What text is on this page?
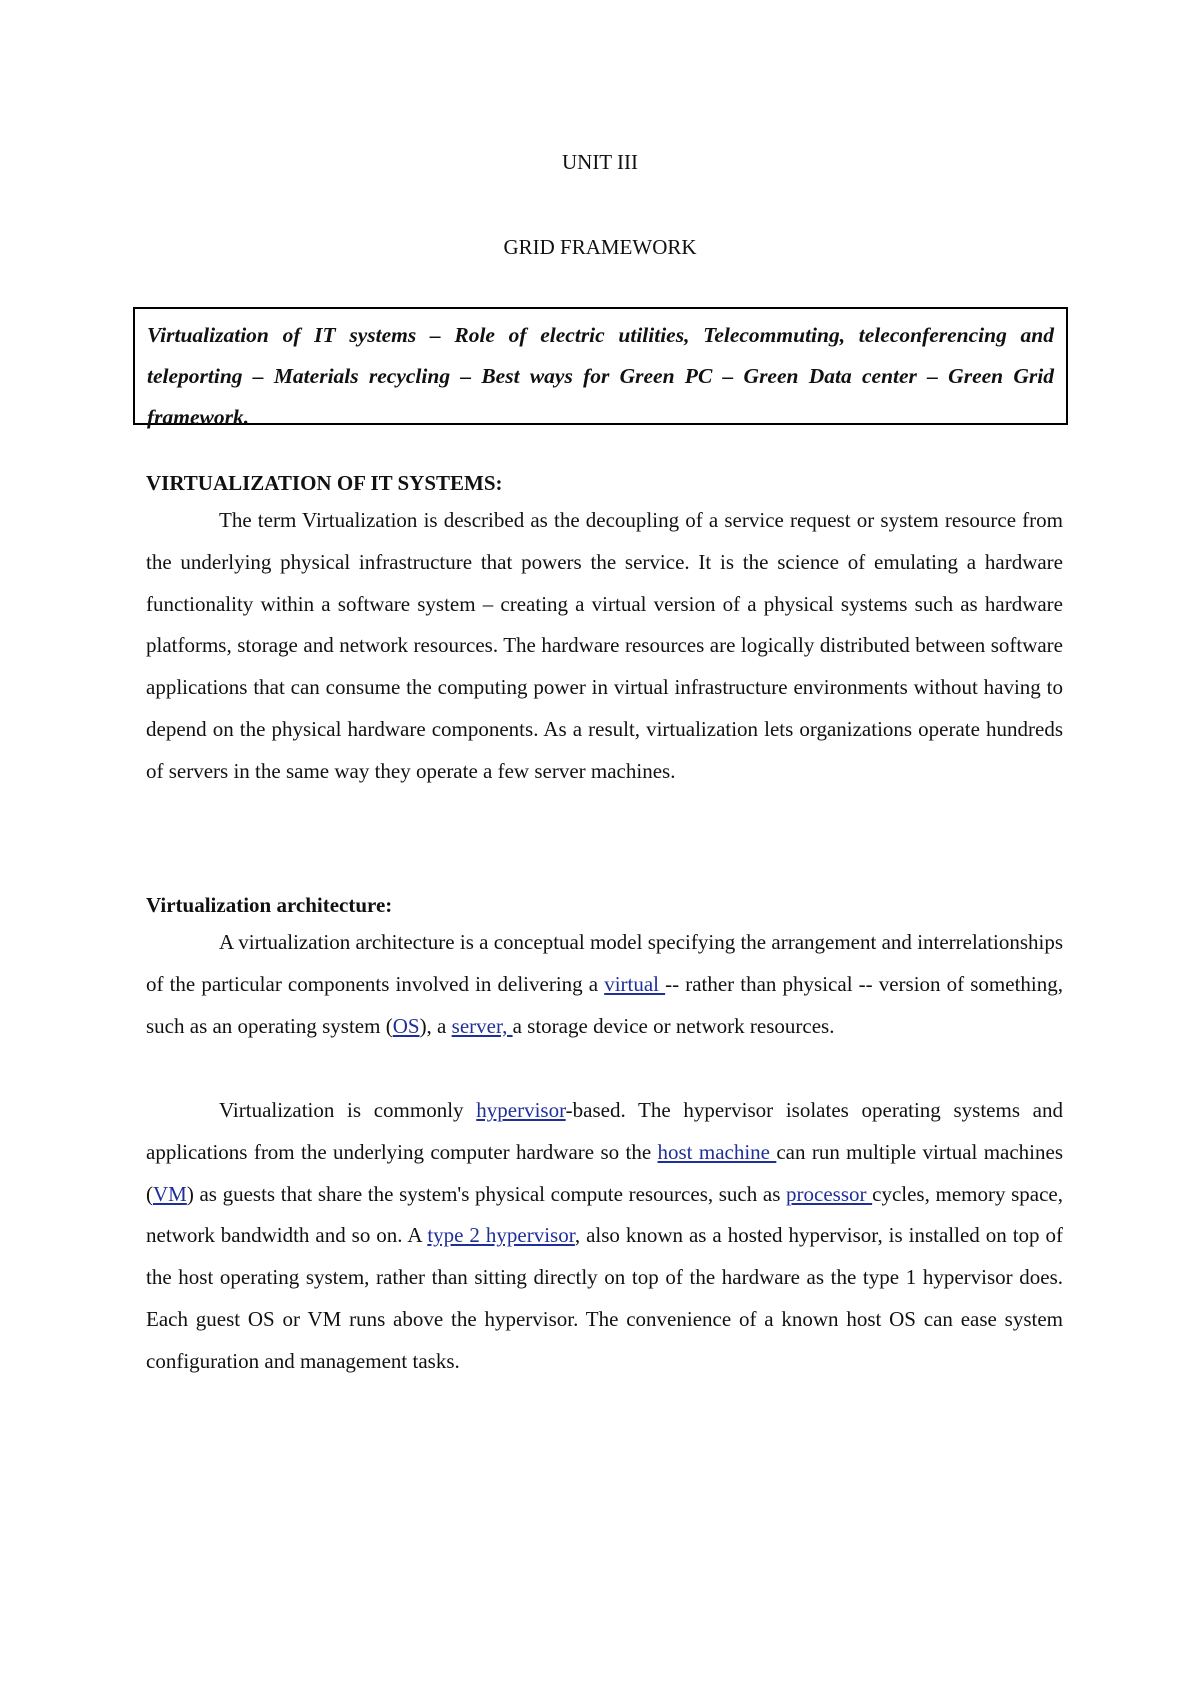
UNIT III
GRID FRAMEWORK

Virtualization of IT systems – Role of electric utilities, Telecommuting, teleconferencing and teleporting – Materials recycling – Best ways for Green PC – Green Data center – Green Grid framework.

VIRTUALIZATION OF IT SYSTEMS:

The term Virtualization is described as the decoupling of a service request or system resource from the underlying physical infrastructure that powers the service. It is the science of emulating a hardware functionality within a software system – creating a virtual version of a physical systems such as hardware platforms, storage and network resources. The hardware resources are logically distributed between software applications that can consume the computing power in virtual infrastructure environments without having to depend on the physical hardware components. As a result, virtualization lets organizations operate hundreds of servers in the same way they operate a few server machines.

Virtualization architecture:

A virtualization architecture is a conceptual model specifying the arrangement and interrelationships of the particular components involved in delivering a virtual -- rather than physical -- version of something, such as an operating system (OS), a server, a storage device or network resources.

Virtualization is commonly hypervisor-based. The hypervisor isolates operating systems and applications from the underlying computer hardware so the host machine can run multiple virtual machines (VM) as guests that share the system's physical compute resources, such as processor cycles, memory space, network bandwidth and so on. A type 2 hypervisor, also known as a hosted hypervisor, is installed on top of the host operating system, rather than sitting directly on top of the hardware as the type 1 hypervisor does. Each guest OS or VM runs above the hypervisor. The convenience of a known host OS can ease system configuration and management tasks.
